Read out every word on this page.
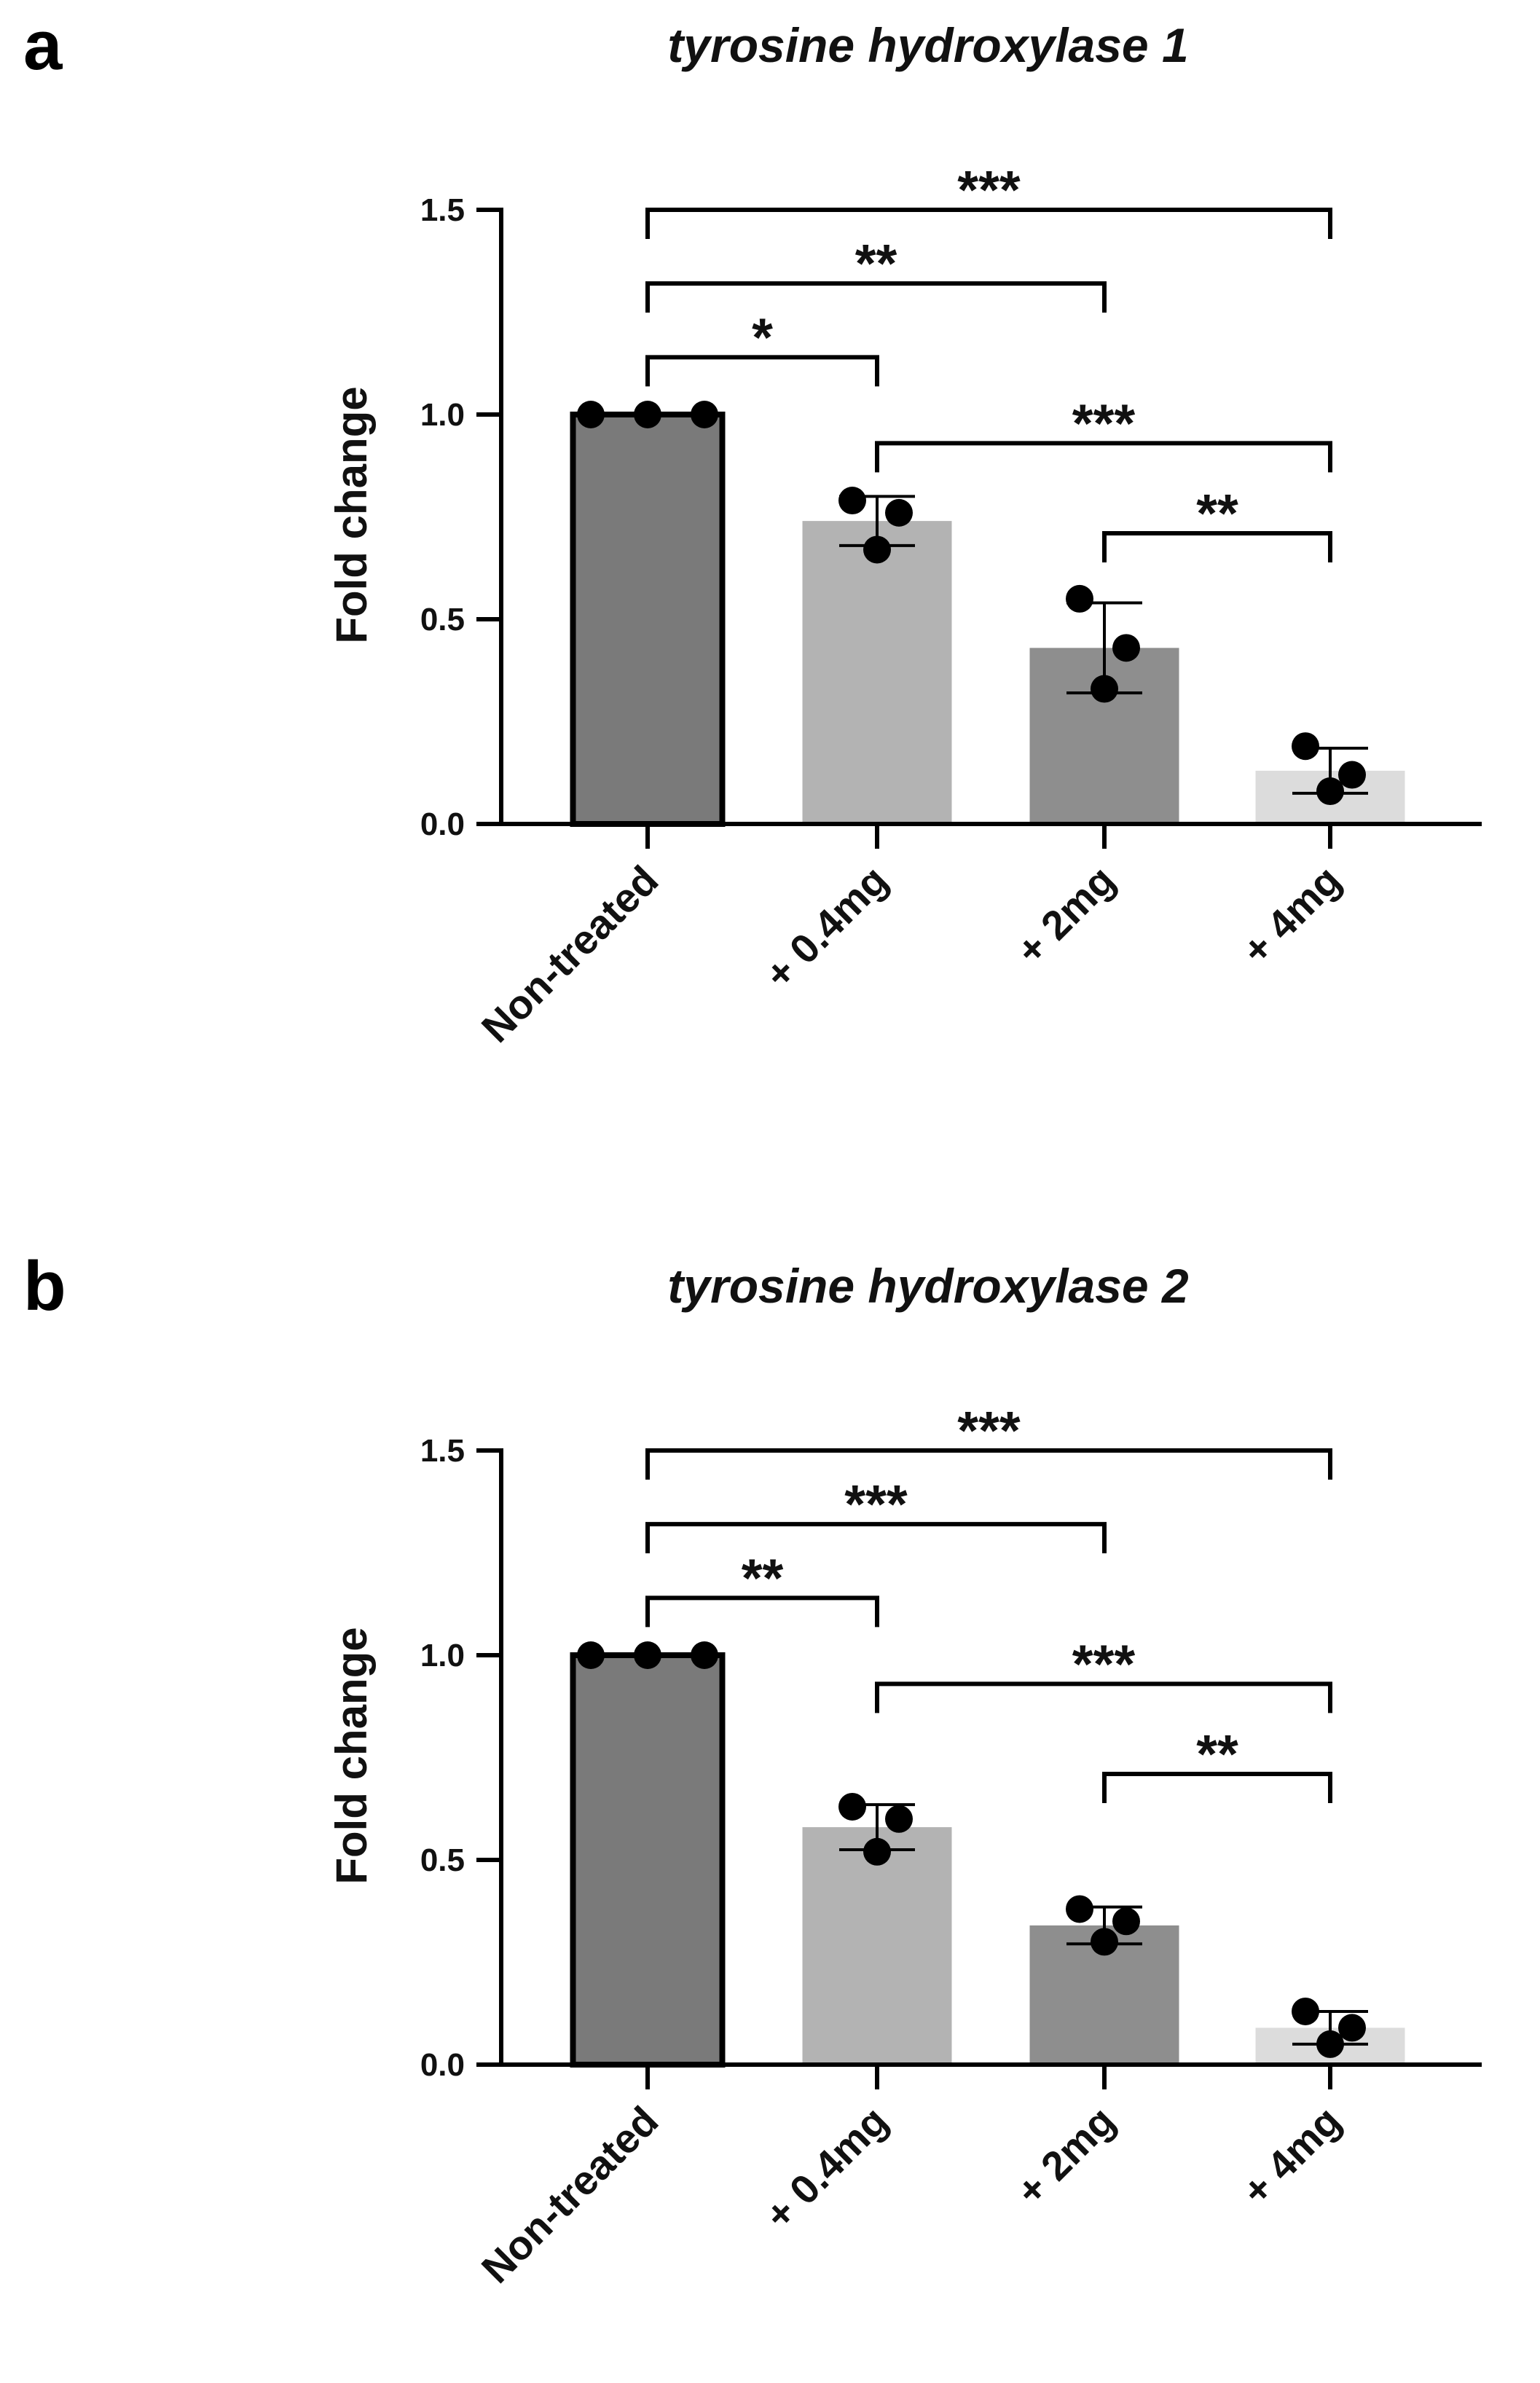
a	tyrosine hydroxylase 1
Fold change
0.0
0.5
1.0
1.5
Non-treated + 0.4mg	+ 2mg	+ 4mg
***
**
*
***
**
b	tyrosine hydroxylase 2
Fold change
0.0
0.5
1.0
1.5
Non-treated + 0.4mg	+ 2mg	+ 4mg
***
***
**
***
**
